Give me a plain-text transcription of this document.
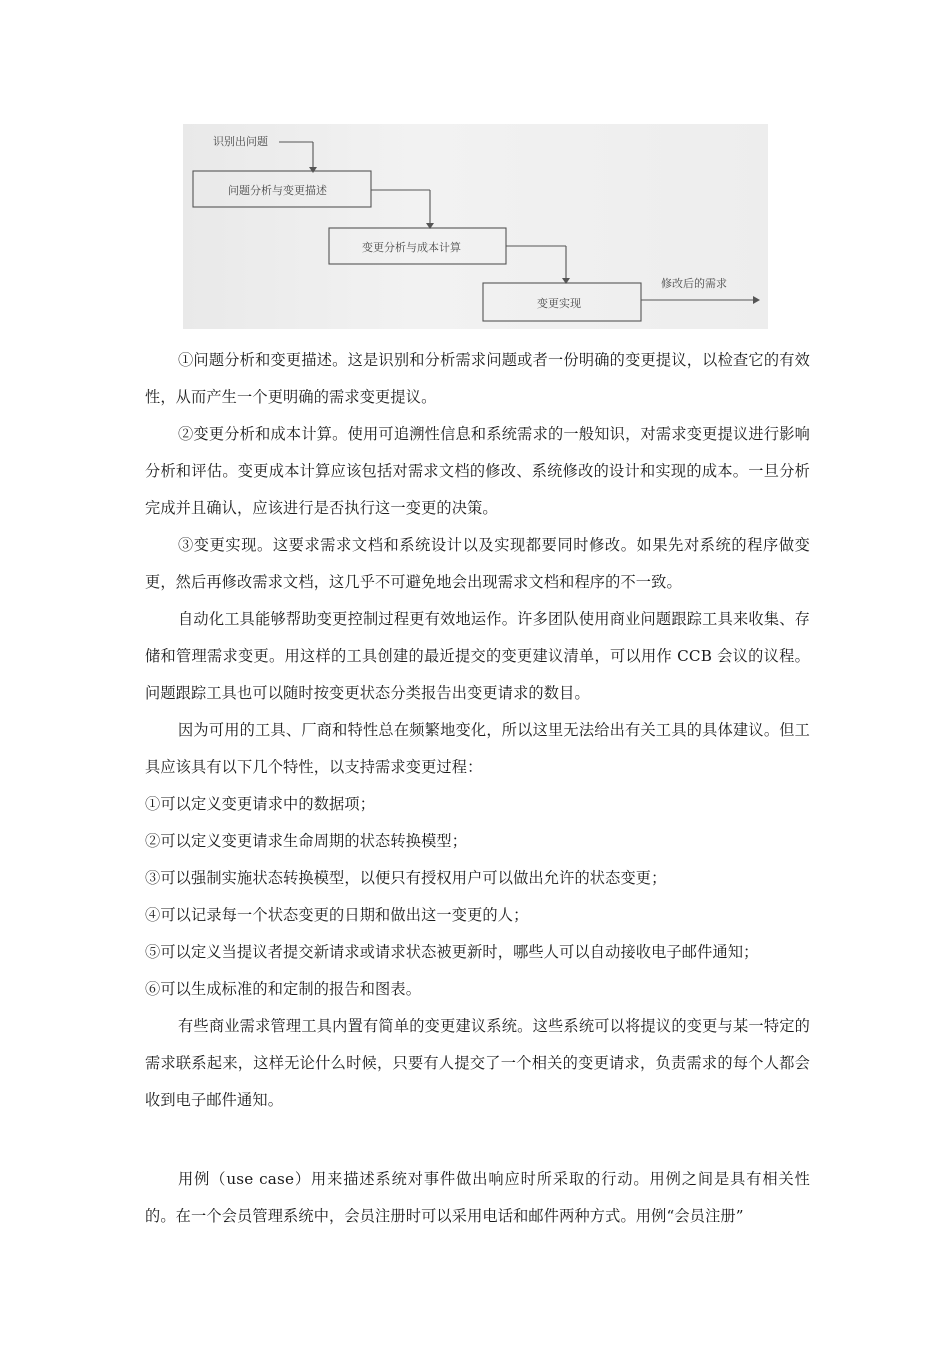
识别出问题
问题分析与变更描述
变更分析与成本计算
变更实现
修改后的需求

①问题分析和变更描述。这是识别和分析需求问题或者一份明确的变更提议，以检查它的有效性，从而产生一个更明确的需求变更提议。

②变更分析和成本计算。使用可追溯性信息和系统需求的一般知识，对需求变更提议进行影响分析和评估。变更成本计算应该包括对需求文档的修改、系统修改的设计和实现的成本。一旦分析完成并且确认，应该进行是否执行这一变更的决策。

③变更实现。这要求需求文档和系统设计以及实现都要同时修改。如果先对系统的程序做变更，然后再修改需求文档，这几乎不可避免地会出现需求文档和程序的不一致。

自动化工具能够帮助变更控制过程更有效地运作。许多团队使用商业问题跟踪工具来收集、存储和管理需求变更。用这样的工具创建的最近提交的变更建议清单，可以用作 CCB 会议的议程。问题跟踪工具也可以随时按变更状态分类报告出变更请求的数目。

因为可用的工具、厂商和特性总在频繁地变化，所以这里无法给出有关工具的具体建议。但工具应该具有以下几个特性，以支持需求变更过程：

①可以定义变更请求中的数据项；

②可以定义变更请求生命周期的状态转换模型；

③可以强制实施状态转换模型，以便只有授权用户可以做出允许的状态变更；

④可以记录每一个状态变更的日期和做出这一变更的人；

⑤可以定义当提议者提交新请求或请求状态被更新时，哪些人可以自动接收电子邮件通知；

⑥可以生成标准的和定制的报告和图表。

有些商业需求管理工具内置有简单的变更建议系统。这些系统可以将提议的变更与某一特定的需求联系起来，这样无论什么时候，只要有人提交了一个相关的变更请求，负责需求的每个人都会收到电子邮件通知。

用例（use case）用来描述系统对事件做出响应时所采取的行动。用例之间是具有相关性的。在一个会员管理系统中，会员注册时可以采用电话和邮件两种方式。用例“会员注册”
